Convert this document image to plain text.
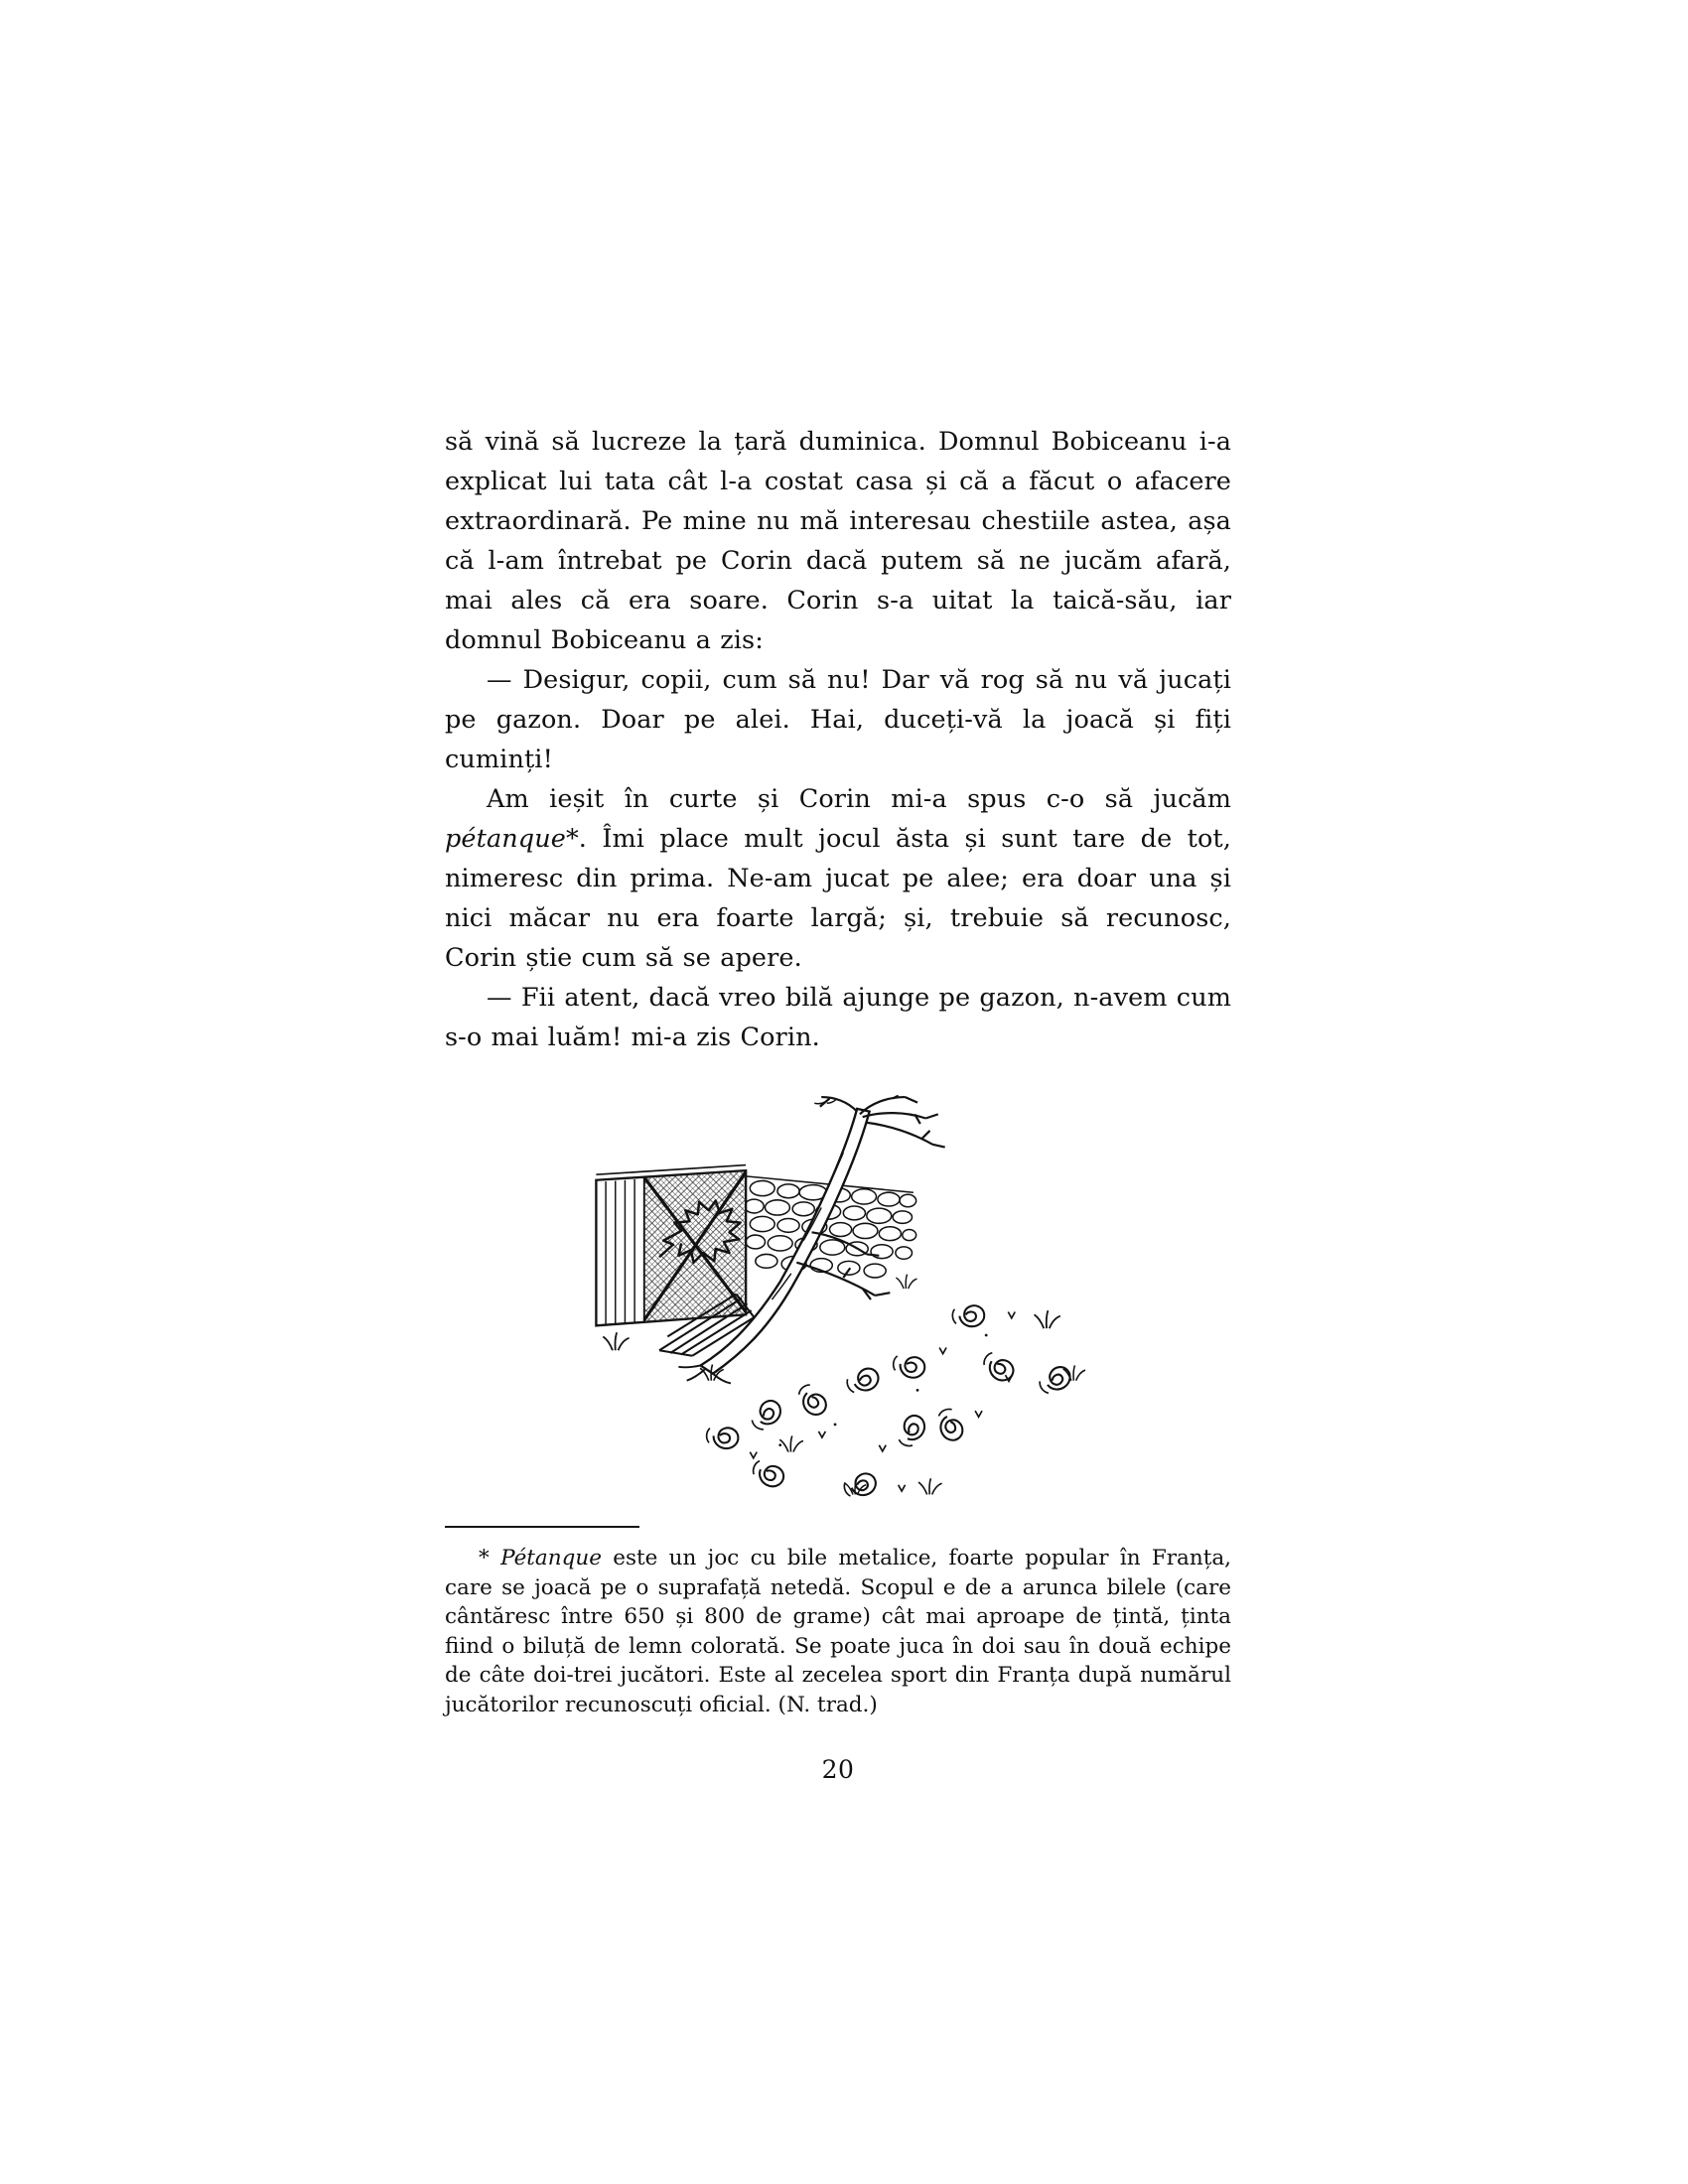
să vină să lucreze la țară duminica. Domnul Bobiceanu i-a explicat lui tata cât l-a costat casa și că a făcut o afacere extraordinară. Pe mine nu mă interesau chestiile astea, așa că l-am întrebat pe Corin dacă putem să ne jucăm afară, mai ales că era soare. Corin s-a uitat la taică-său, iar domnul Bobiceanu a zis:

— Desigur, copii, cum să nu! Dar vă rog să nu vă jucați pe gazon. Doar pe alei. Hai, duceți-vă la joacă și fiți cuminți!

Am ieșit în curte și Corin mi-a spus c-o să jucăm pétanque*. Îmi place mult jocul ăsta și sunt tare de tot, nimeresc din prima. Ne-am jucat pe alee; era doar una și nici măcar nu era foarte largă; și, trebuie să recunosc, Corin știe cum să se apere.

— Fii atent, dacă vreo bilă ajunge pe gazon, n-avem cum s-o mai luăm! mi-a zis Corin.

* Pétanque este un joc cu bile metalice, foarte popular în Franța, care se joacă pe o suprafață netedă. Scopul e de a arunca bilele (care cântăresc între 650 și 800 de grame) cât mai aproape de țintă, ținta fiind o biluță de lemn colorată. Se poate juca în doi sau în două echipe de câte doi-trei jucători. Este al zecelea sport din Franța după numărul jucătorilor recunoscuți oficial. (N. trad.)

20
